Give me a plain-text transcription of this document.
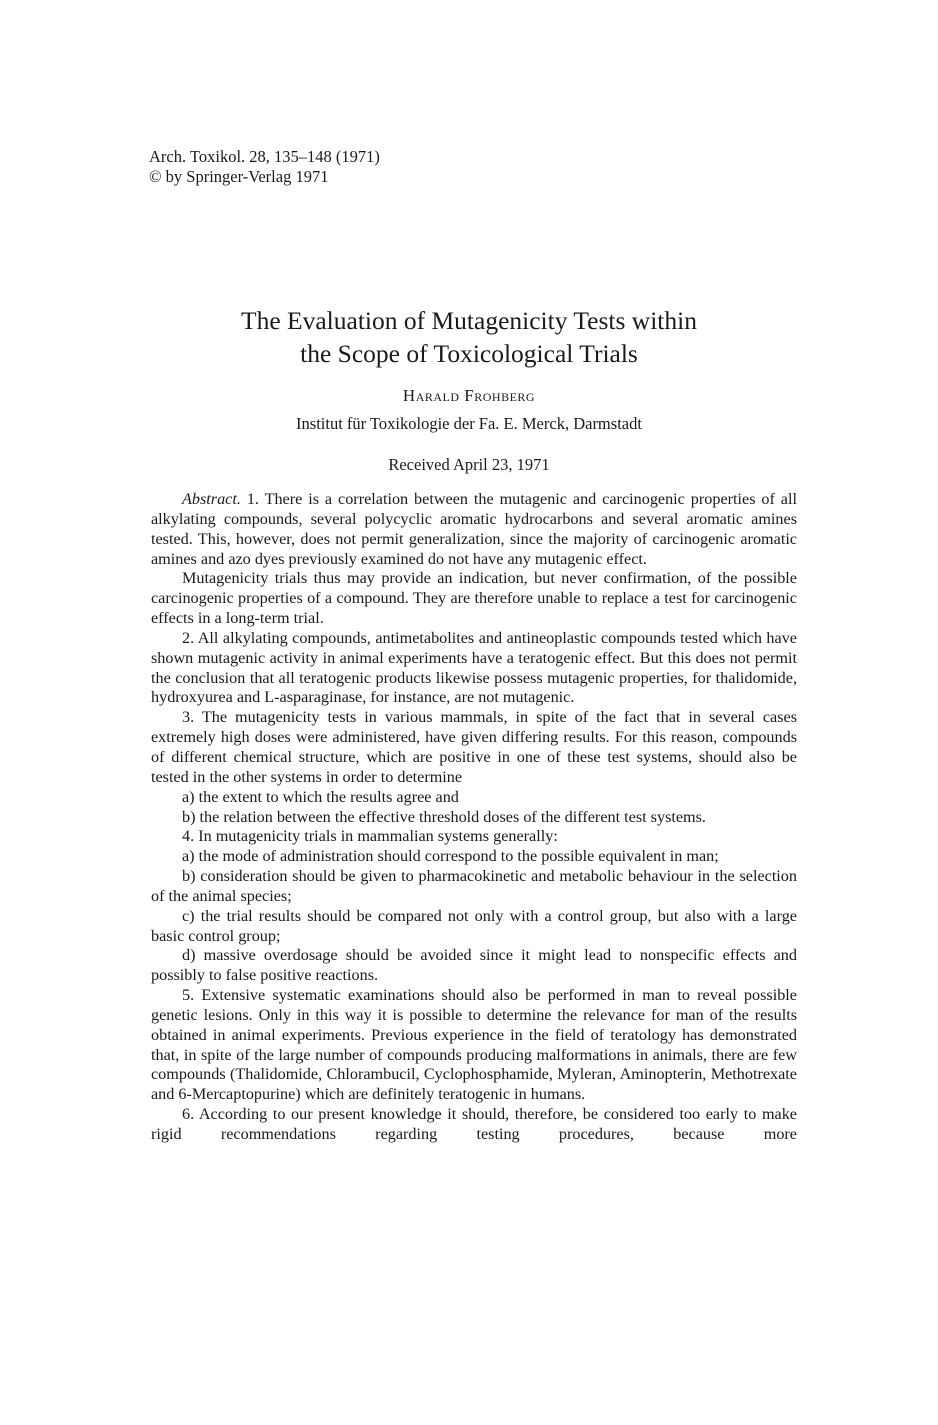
Arch. Toxikol. 28, 135–148 (1971)
© by Springer-Verlag 1971
The Evaluation of Mutagenicity Tests within
the Scope of Toxicological Trials
Harald Frohberg
Institut für Toxikologie der Fa. E. Merck, Darmstadt
Received April 23, 1971

Abstract. 1. There is a correlation between the mutagenic and carcinogenic properties of all alkylating compounds, several polycyclic aromatic hydrocarbons and several aromatic amines tested. This, however, does not permit generalization, since the majority of carcinogenic aromatic amines and azo dyes previously examined do not have any mutagenic effect.

Mutagenicity trials thus may provide an indication, but never confirmation, of the possible carcinogenic properties of a compound. They are therefore unable to replace a test for carcinogenic effects in a long-term trial.

2. All alkylating compounds, antimetabolites and antineoplastic compounds tested which have shown mutagenic activity in animal experiments have a teratogenic effect. But this does not permit the conclusion that all teratogenic products likewise possess mutagenic properties, for thalidomide, hydroxyurea and L-asparaginase, for instance, are not mutagenic.

3. The mutagenicity tests in various mammals, in spite of the fact that in several cases extremely high doses were administered, have given differing results. For this reason, compounds of different chemical structure, which are positive in one of these test systems, should also be tested in the other systems in order to determine

a) the extent to which the results agree and

b) the relation between the effective threshold doses of the different test systems.

4. In mutagenicity trials in mammalian systems generally:

a) the mode of administration should correspond to the possible equivalent in man;

b) consideration should be given to pharmacokinetic and metabolic behaviour in the selection of the animal species;

c) the trial results should be compared not only with a control group, but also with a large basic control group;

d) massive overdosage should be avoided since it might lead to nonspecific effects and possibly to false positive reactions.

5. Extensive systematic examinations should also be performed in man to reveal possible genetic lesions. Only in this way it is possible to determine the relevance for man of the results obtained in animal experiments. Previous experience in the field of teratology has demonstrated that, in spite of the large number of compounds producing malformations in animals, there are few compounds (Thalidomide, Chlorambucil, Cyclophosphamide, Myleran, Aminopterin, Methotrexate and 6-Mercaptopurine) which are definitely teratogenic in humans.

6. According to our present knowledge it should, therefore, be considered too early to make rigid recommendations regarding testing procedures, because more
